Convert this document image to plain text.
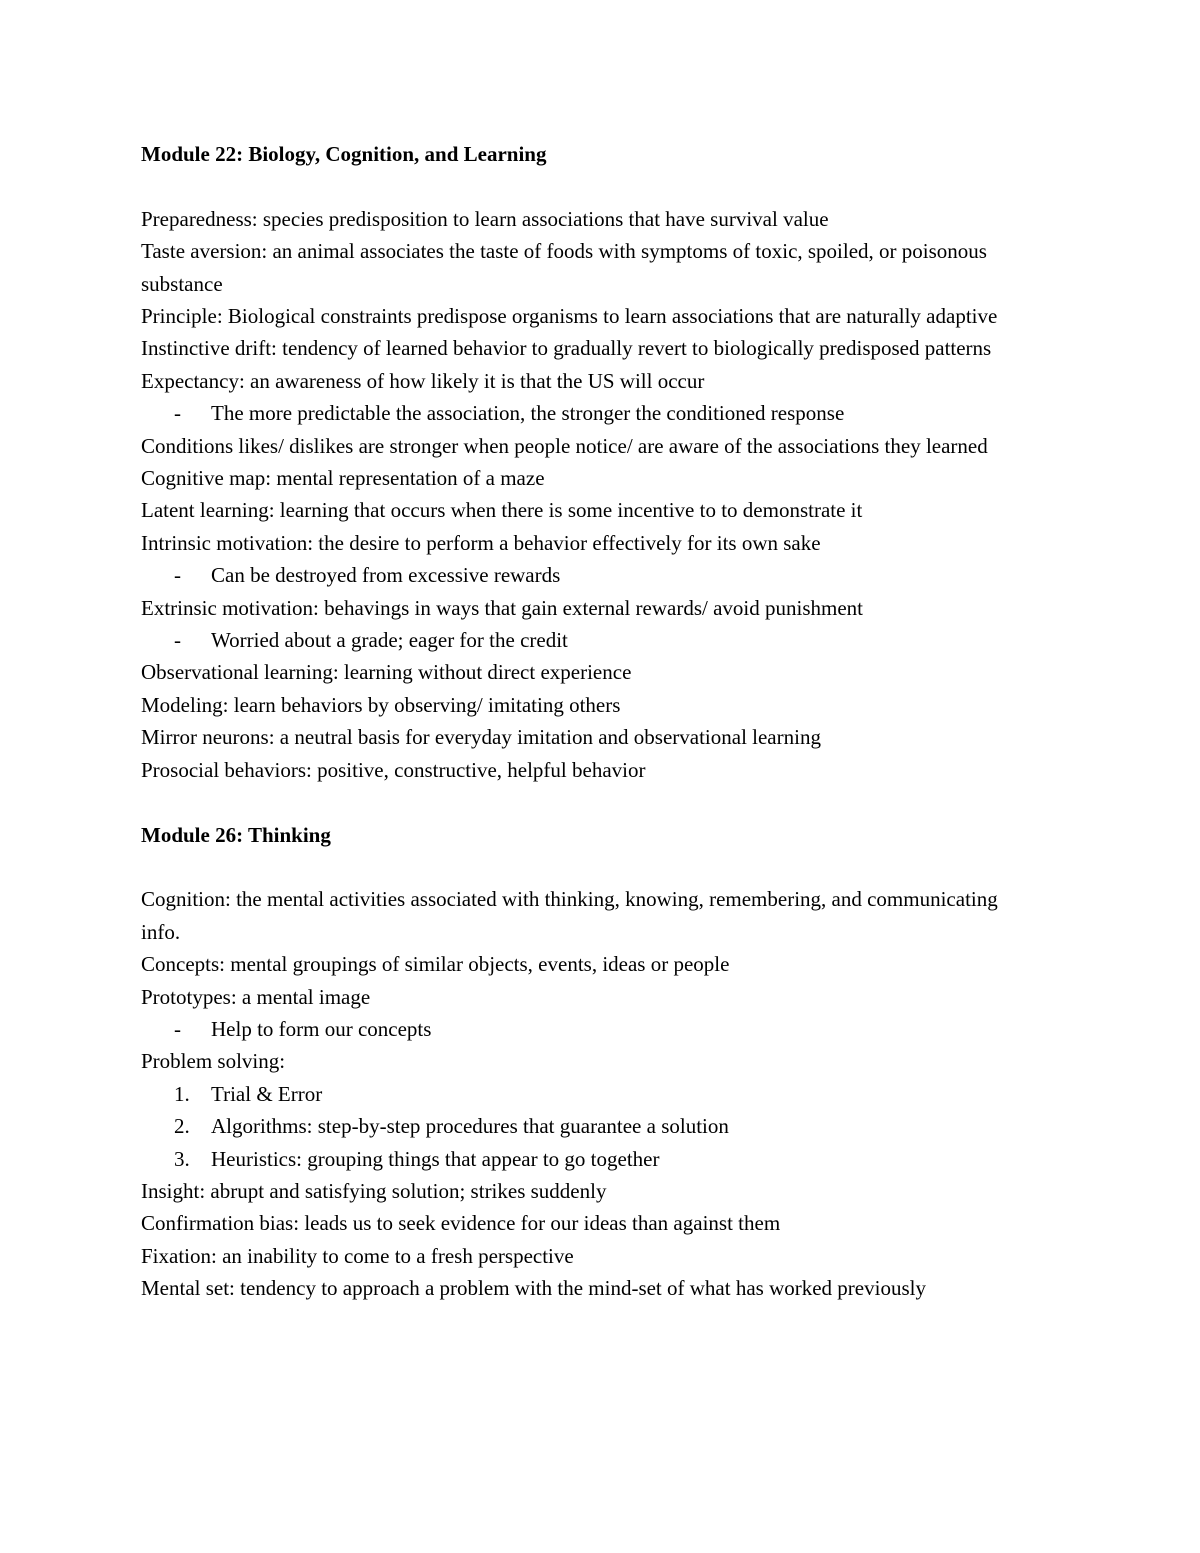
Module 22: Biology, Cognition, and Learning

Preparedness: species predisposition to learn associations that have survival value

Taste aversion: an animal associates the taste of foods with symptoms of toxic, spoiled, or poisonous substance

Principle: Biological constraints predispose organisms to learn associations that are naturally adaptive

Instinctive drift: tendency of learned behavior to gradually revert to biologically predisposed patterns

Expectancy: an awareness of how likely it is that the US will occur

- The more predictable the association, the stronger the conditioned response

Conditions likes/ dislikes are stronger when people notice/ are aware of the associations they learned

Cognitive map: mental representation of a maze

Latent learning: learning that occurs when there is some incentive to to demonstrate it

Intrinsic motivation: the desire to perform a behavior effectively for its own sake

- Can be destroyed from excessive rewards

Extrinsic motivation: behavings in ways that gain external rewards/ avoid punishment

- Worried about a grade; eager for the credit

Observational learning: learning without direct experience

Modeling: learn behaviors by observing/ imitating others

Mirror neurons: a neutral basis for everyday imitation and observational learning

Prosocial behaviors: positive, constructive, helpful behavior

Module 26: Thinking

Cognition: the mental activities associated with thinking, knowing, remembering, and communicating info.

Concepts: mental groupings of similar objects, events, ideas or people

Prototypes: a mental image

- Help to form our concepts

Problem solving:

1. Trial & Error

2. Algorithms: step-by-step procedures that guarantee a solution

3. Heuristics: grouping things that appear to go together

Insight: abrupt and satisfying solution; strikes suddenly

Confirmation bias: leads us to seek evidence for our ideas than against them

Fixation: an inability to come to a fresh perspective

Mental set: tendency to approach a problem with the mind-set of what has worked previously
